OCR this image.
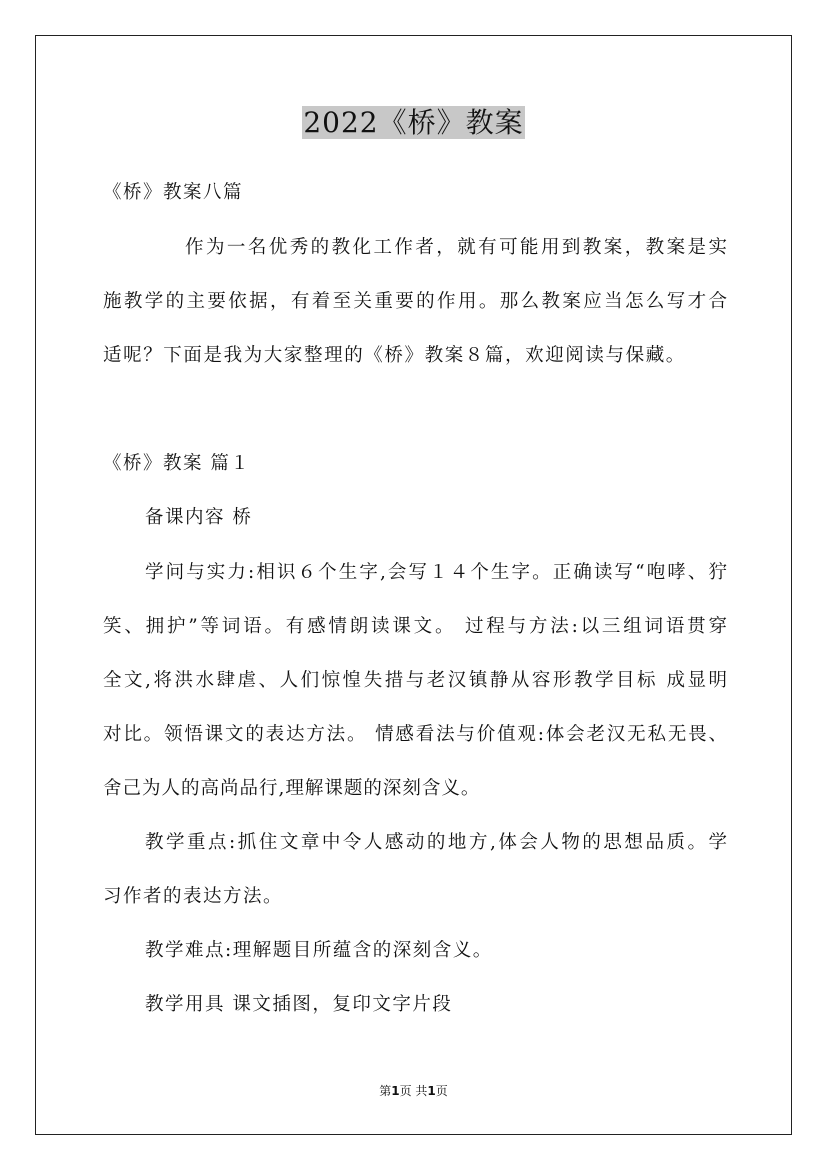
2022《桥》教案
《桥》教案八篇
作为一名优秀的教化工作者，就有可能用到教案，教案是实
施教学的主要依据，有着至关重要的作用。那么教案应当怎么写才合
适呢？下面是我为大家整理的《桥》教案８篇，欢迎阅读与保藏。
《桥》教案 篇１
备课内容 桥
学问与实力:相识６个生字,会写１４个生字。正确读写“咆哮、狞
笑、拥护”等词语。有感情朗读课文。 过程与方法:以三组词语贯穿
全文,将洪水肆虐、人们惊惶失措与老汉镇静从容形教学目标 成显明
对比。领悟课文的表达方法。 情感看法与价值观:体会老汉无私无畏、
舍己为人的高尚品行,理解课题的深刻含义。
教学重点:抓住文章中令人感动的地方,体会人物的思想品质。学
习作者的表达方法。
教学难点:理解题目所蕴含的深刻含义。
教学用具 课文插图，复印文字片段
第1页 共1页
